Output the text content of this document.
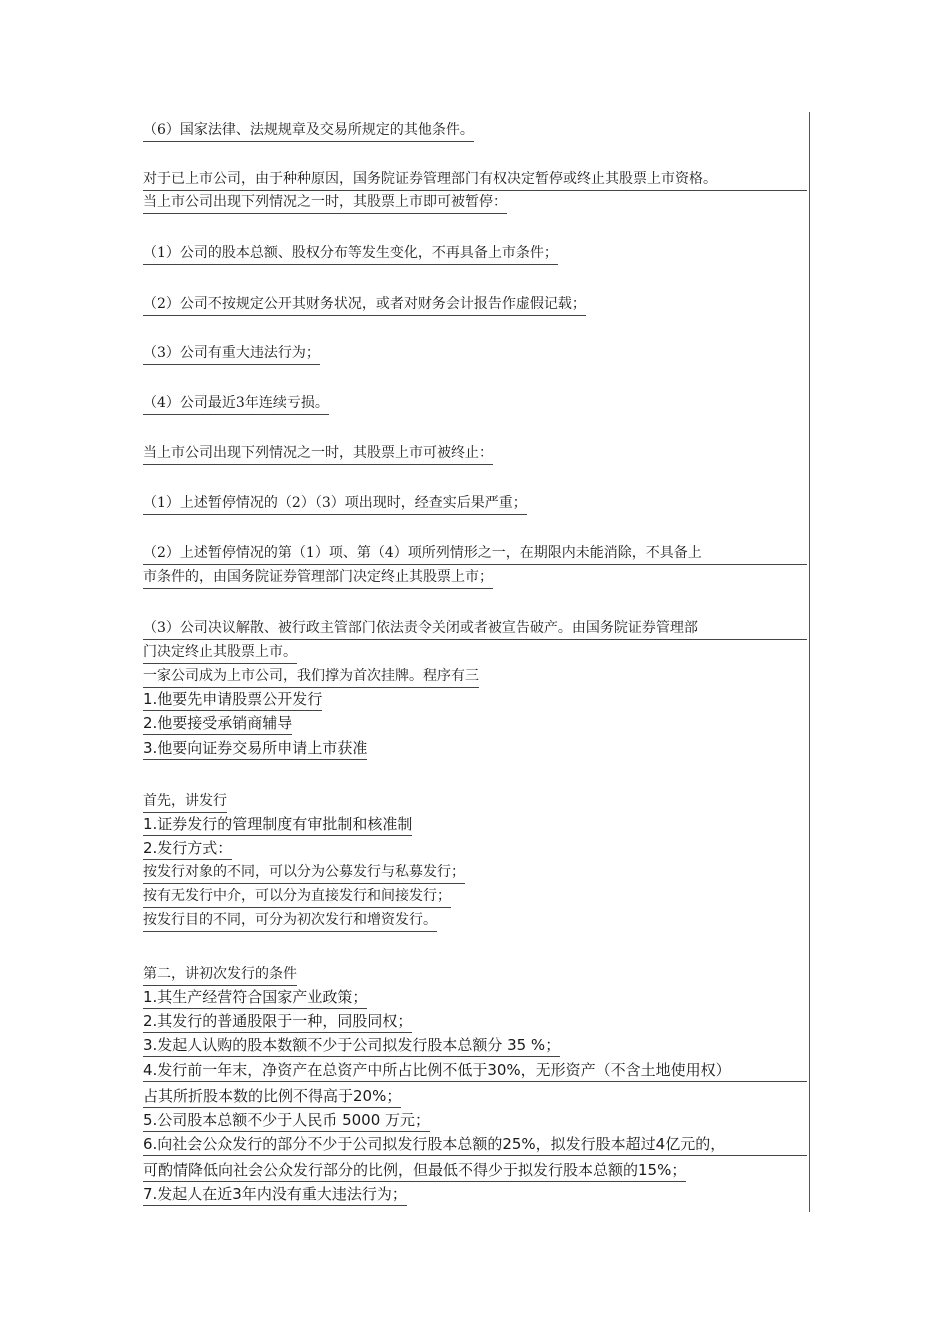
（6）国家法律、法规规章及交易所规定的其他条件。
对于已上市公司，由于种种原因，国务院证券管理部门有权决定暂停或终止其股票上市资格。
当上市公司出现下列情况之一时，其股票上市即可被暂停：
（1）公司的股本总额、股权分布等发生变化，不再具备上市条件；
（2）公司不按规定公开其财务状况，或者对财务会计报告作虚假记载；
（3）公司有重大违法行为；
（4）公司最近3年连续亏损。
当上市公司出现下列情况之一时，其股票上市可被终止：
（1）上述暂停情况的（2）（3）项出现时，经查实后果严重；
（2）上述暂停情况的第（1）项、第（4）项所列情形之一，在期限内未能消除，不具备上
市条件的，由国务院证券管理部门决定终止其股票上市；
（3）公司决议解散、被行政主管部门依法责令关闭或者被宣告破产。由国务院证券管理部
门决定终止其股票上市。
一家公司成为上市公司，我们撑为首次挂牌。程序有三
1.他要先申请股票公开发行
2.他要接受承销商辅导
3.他要向证券交易所申请上市获准
首先，讲发行
1.证券发行的管理制度有审批制和核准制
2.发行方式：
按发行对象的不同，可以分为公募发行与私募发行；
按有无发行中介，可以分为直接发行和间接发行；
按发行目的不同，可分为初次发行和增资发行。
第二，讲初次发行的条件
1.其生产经营符合国家产业政策；
2.其发行的普通股限于一种，同股同权；
3.发起人认购的股本数额不少于公司拟发行股本总额分 35 %；
4.发行前一年末，净资产在总资产中所占比例不低于30%，无形资产（不含土地使用权）
占其所折股本数的比例不得高于20%；
5.公司股本总额不少于人民币 5000 万元；
6.向社会公众发行的部分不少于公司拟发行股本总额的25%，拟发行股本超过4亿元的，
可酌情降低向社会公众发行部分的比例，但最低不得少于拟发行股本总额的15%；
7.发起人在近3年内没有重大违法行为；
